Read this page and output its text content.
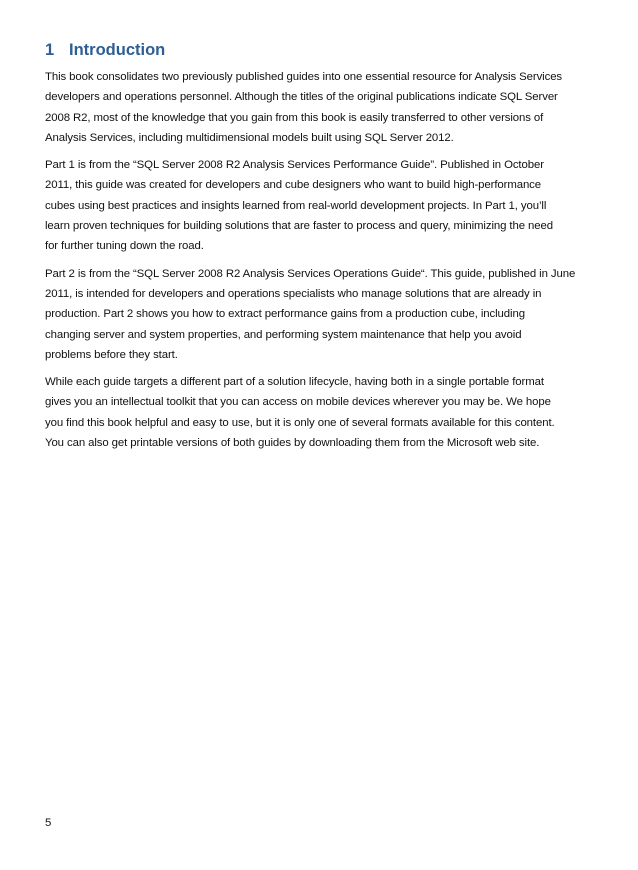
1 Introduction

This book consolidates two previously published guides into one essential resource for Analysis Services
developers and operations personnel. Although the titles of the original publications indicate SQL Server
2008 R2, most of the knowledge that you gain from this book is easily transferred to other versions of
Analysis Services, including multidimensional models built using SQL Server 2012.

Part 1 is from the “SQL Server 2008 R2 Analysis Services Performance Guide”. Published in October
2011, this guide was created for developers and cube designers who want to build high-performance
cubes using best practices and insights learned from real-world development projects. In Part 1, you’ll
learn proven techniques for building solutions that are faster to process and query, minimizing the need
for further tuning down the road.

Part 2 is from the “SQL Server 2008 R2 Analysis Services Operations Guide“. This guide, published in June
2011, is intended for developers and operations specialists who manage solutions that are already in
production. Part 2 shows you how to extract performance gains from a production cube, including
changing server and system properties, and performing system maintenance that help you avoid
problems before they start.

While each guide targets a different part of a solution lifecycle, having both in a single portable format
gives you an intellectual toolkit that you can access on mobile devices wherever you may be. We hope
you find this book helpful and easy to use, but it is only one of several formats available for this content.
You can also get printable versions of both guides by downloading them from the Microsoft web site.

5
